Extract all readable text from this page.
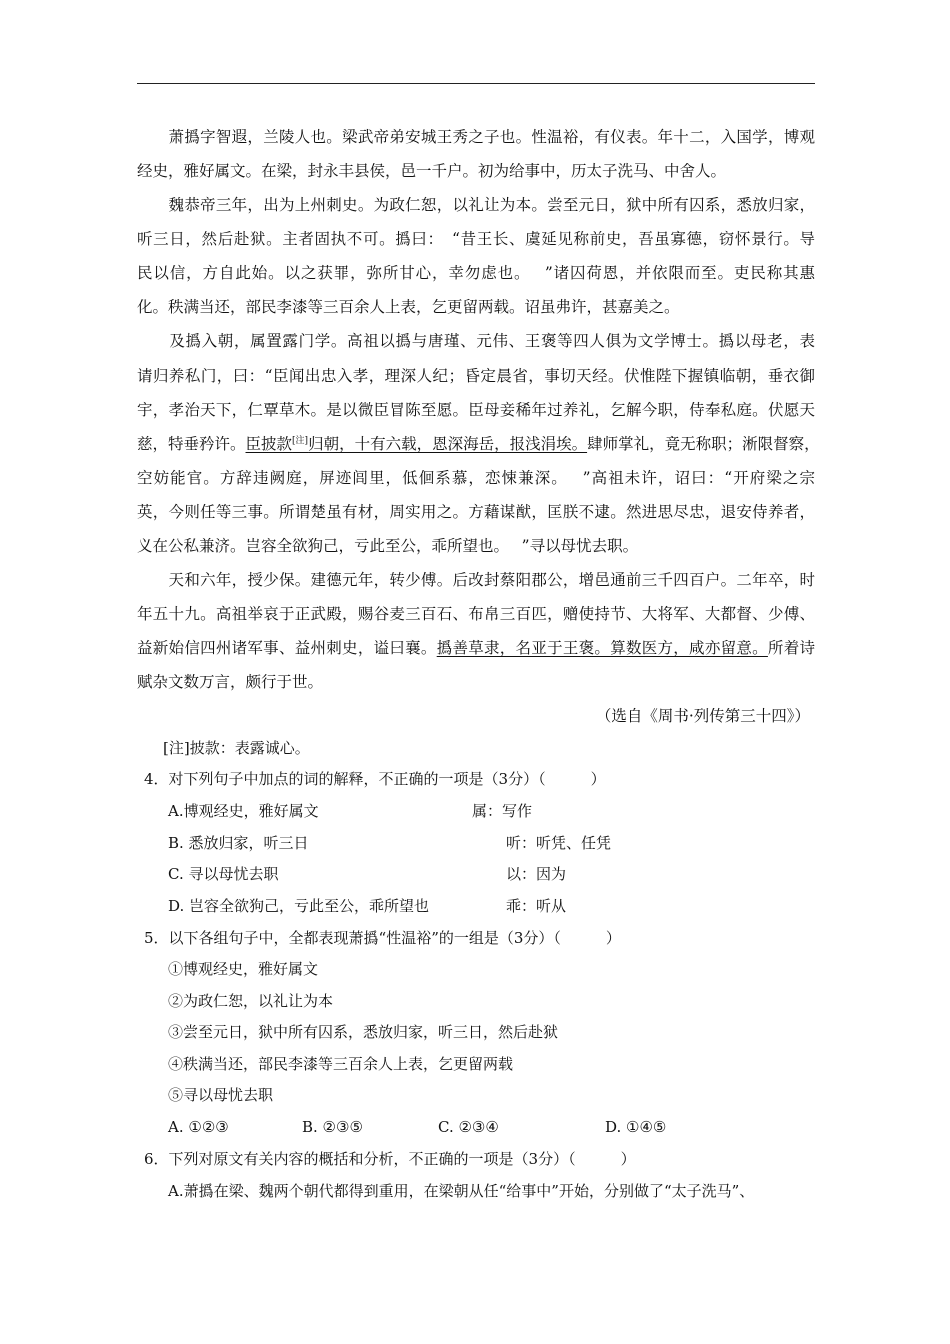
　　萧撝字智遐，兰陵人也。梁武帝弟安城王秀之子也。性温裕，有仪表。年十二，入国学，博观
经史，雅好属文。在梁，封永丰县侯，邑一千户。初为给事中，历太子洗马、中舍人。
　　魏恭帝三年，出为上州刺史。为政仁恕，以礼让为本。尝至元日，狱中所有囚系，悉放归家，
听三日，然后赴狱。主者固执不可。撝曰：　“昔王长、虞延见称前史，吾虽寡德，窃怀景行。导
民以信，方自此始。以之获罪，弥所甘心，幸勿虑也。　 ”诸囚荷恩，并依限而至。吏民称其惠
化。秩满当还，部民李漆等三百余人上表，乞更留两载。诏虽弗许，甚嘉美之。
　　及撝入朝，属置露门学。高祖以撝与唐瑾、元伟、王褒等四人俱为文学博士。撝以母老，表
请归养私门，曰：“臣闻出忠入孝，理深人纪；昏定晨省，事切天经。伏惟陛下握镇临朝，垂衣御
宇，孝治天下，仁覃草木。是以微臣冒陈至愿。臣母妾稀年过养礼，乞解今职，侍奉私庭。伏愿天
慈，特垂矜许。臣披款[注]归朝，十有六载，恩深海岳，报浅涓埃。肆师掌礼，竟无称职；淅限督察，
空妨能官。方辞违阙庭，屏迹闾里，低佪系慕，恋悚兼深。　 ”高祖未许，诏曰：“开府梁之宗
英，今则任等三事。所谓楚虽有材，周实用之。方藉谋猷，匡朕不逮。然进思尽忠，退安侍养者，
义在公私兼济。岂容全欲狗己，亏此至公，乖所望也。　 ”寻以母忧去职。
　　天和六年，授少保。建德元年，转少傅。后改封蔡阳郡公，增邑通前三千四百户。二年卒，时
年五十九。高祖举哀于正武殿，赐谷麦三百石、布帛三百匹，赠使持节、大将军、大都督、少傅、
益新始信四州诸军事、益州刺史，谥曰襄。撝善草隶，名亚于王褒。算数医方，咸亦留意。所着诗
赋杂文数万言，颇行于世。
（选自《周书·列传第三十四》）
[注]披款：表露诚心。
4．对下列句子中加点的词的解释，不正确的一项是（3分）（　　　）
A.博观经史，雅好属文	属：写作
B. 悉放归家，听三日	听：听凭、任凭
C. 寻以母忧去职	以：因为
D. 岂容全欲狗己，亏此至公，乖所望也	乖：听从
5．以下各组句子中，全都表现萧撝“性温裕”的一组是（3分）（　　　）
①博观经史，雅好属文
②为政仁恕，以礼让为本
③尝至元日，狱中所有囚系，悉放归家，听三日，然后赴狱
④秩满当还，部民李漆等三百余人上表，乞更留两载
⑤寻以母忧去职
A. ①②③	B. ②③⑤	C. ②③④	D. ①④⑤
6．下列对原文有关内容的概括和分析，不正确的一项是（3分）（　　　）
A.萧撝在梁、魏两个朝代都得到重用，在梁朝从任“给事中”开始，分别做了“太子洗马”、
